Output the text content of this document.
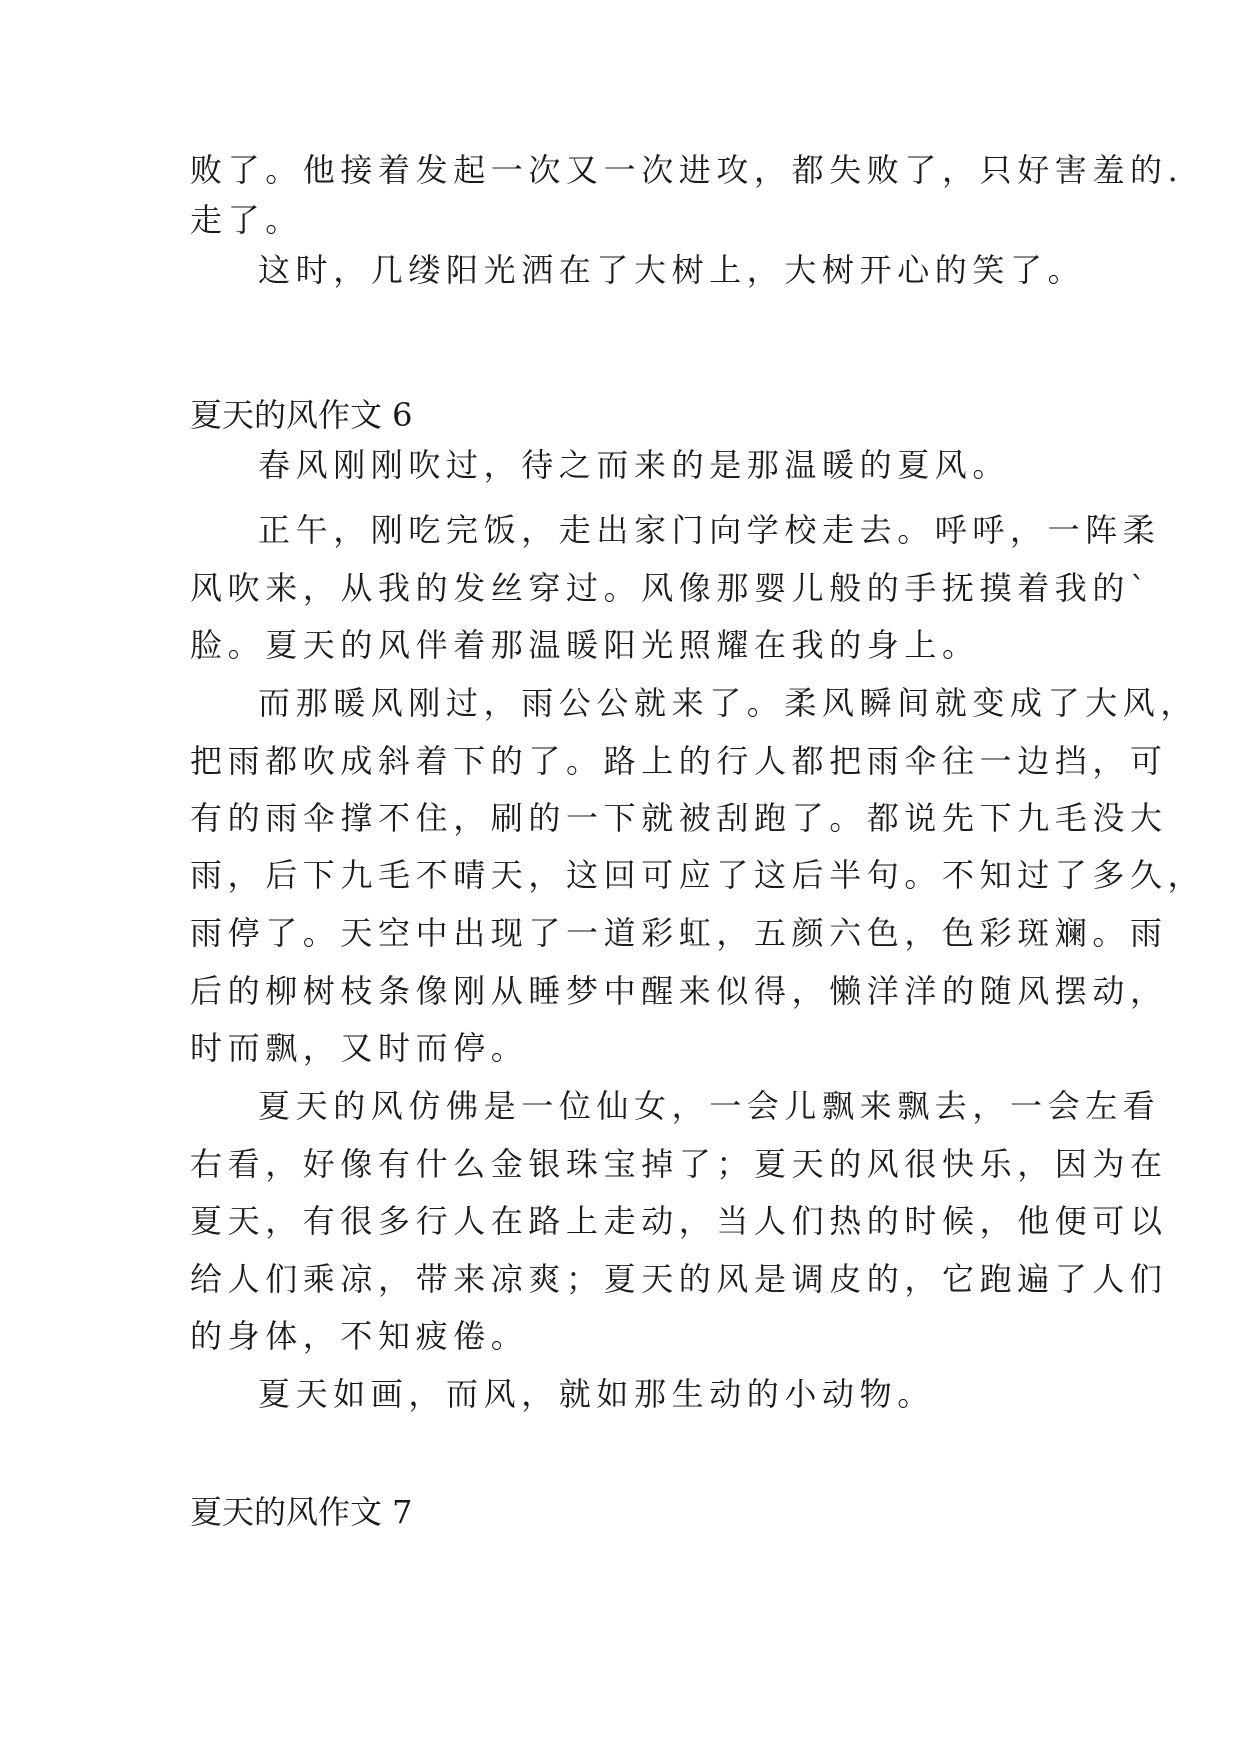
败了。他接着发起一次又一次进攻，都失败了，只好害羞的.
走了。
这时，几缕阳光洒在了大树上，大树开心的笑了。
夏天的风作文 6
春风刚刚吹过，待之而来的是那温暖的夏风。
正午，刚吃完饭，走出家门向学校走去。呼呼，一阵柔
风吹来，从我的发丝穿过。风像那婴儿般的手抚摸着我的`
脸。夏天的风伴着那温暖阳光照耀在我的身上。
而那暖风刚过，雨公公就来了。柔风瞬间就变成了大风，
把雨都吹成斜着下的了。路上的行人都把雨伞往一边挡，可
有的雨伞撑不住，刷的一下就被刮跑了。都说先下九毛没大
雨，后下九毛不晴天，这回可应了这后半句。不知过了多久，
雨停了。天空中出现了一道彩虹，五颜六色，色彩斑斓。雨
后的柳树枝条像刚从睡梦中醒来似得，懒洋洋的随风摆动，
时而飘，又时而停。
夏天的风仿佛是一位仙女，一会儿飘来飘去，一会左看
右看，好像有什么金银珠宝掉了；夏天的风很快乐，因为在
夏天，有很多行人在路上走动，当人们热的时候，他便可以
给人们乘凉，带来凉爽；夏天的风是调皮的，它跑遍了人们
的身体，不知疲倦。
夏天如画，而风，就如那生动的小动物。
夏天的风作文 7
